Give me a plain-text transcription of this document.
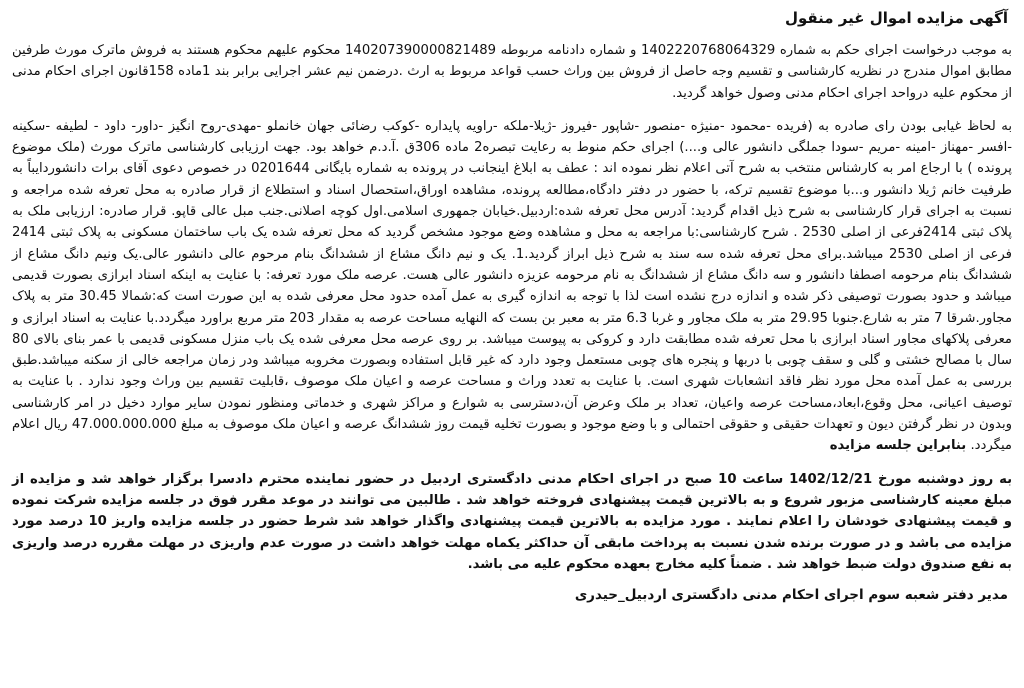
آگهی مزایده اموال غیر منقول

به موجب درخواست اجرای حکم به شماره 140222076806‌4329 و شماره دادنامه مربوطه 140207390000821489 محکوم علیهم محکوم هستند به فروش ماترک مورث طرفین مطابق اموال مندرج در نظریه کارشناسی و تقسیم وجه حاصل از فروش بین وراث حسب قواعد مربوط به ارث .درضمن نیم عشر اجرایی برابر بند 1ماده 158قانون اجرای احکام مدنی از محکوم علیه درواحد اجرای احکام مدنی وصول خواهد گردید.

به لحاظ غیابی بودن رای صادره به (فریده -محمود -منیژه -منصور -شاپور -فیروز -ژیلا-ملکه -راویه پایداره -کوکب رضائی جهان خانملو -مهدی-روح انگیز -داور- داود - لطیفه -سکینه -افسر -مهناز -امینه -مریم -سودا جملگی دانشور عالی و....) اجرای حکم منوط به رعایت تبصره2 ماده 306ق .آ.د.م خواهد بود. جهت ارزیابی کارشناسی ماترک مورث (ملک موضوع پرونده ) با ارجاع امر به کارشناس منتخب به شرح آتی اعلام نظر نموده اند : عطف به ابلاغ اینجانب در پرونده به شماره بایگانی 0201644 در خصوص دعوی آقای برات دانشوردایباً به طرفیت خانم ژیلا دانشور و...با موضوع تقسیم ترکه، با حضور در دفتر دادگاه،مطالعه پرونده، مشاهده اوراق،استحصال اسناد و استطلاع از قرار صادره به محل تعرفه شده مراجعه و نسبت به اجرای قرار کارشناسی به شرح ذیل اقدام گردید: آدرس محل تعرفه شده:اردبیل.خیابان جمهوری اسلامی.اول کوچه اصلانی.جنب مبل عالی قاپو. قرار صادره: ارزیابی ملک به پلاک ثبتی 2414فرعی از اصلی 2530 . شرح کارشناسی:با مراجعه به محل و مشاهده وضع موجود مشخص گردید که محل تعرفه شده یک باب ساختمان مسکونی به پلاک ثبتی 2414 فرعی از اصلی 2530 میباشد.برای محل تعرفه شده سه سند به شرح ذیل ابراز گردید.1. یک و نیم دانگ مشاع از ششدانگ بنام مرحوم عالی دانشور عالی.یک ونیم دانگ مشاع از ششدانگ بنام مرحومه اصطفا دانشور و سه دانگ مشاع از ششدانگ به نام مرحومه عزیزه دانشور عالی هست. عرصه ملک مورد تعرفه: با عنایت به اینکه اسناد ابرازی بصورت قدیمی میباشد و حدود بصورت توصیفی ذکر شده و اندازه درج نشده است لذا با توجه به اندازه گیری به عمل آمده حدود محل معرفی شده به این صورت است که:شمالا 30.45 متر به پلاک مجاور.شرقا 7 متر به شارع.جنوبا 29.95 متر به ملک مجاور و غربا 6.3 متر به معبر بن بست که النهایه مساحت عرصه به مقدار 203 متر مربع براورد میگردد.با عنایت به اسناد ابرازی و معرفی پلاکهای مجاور اسناد ابرازی با محل تعرفه شده مطابقت دارد و کروکی به پیوست میباشد. بر روی عرصه محل معرفی شده یک باب منزل مسکونی قدیمی با عمر بنای بالای 80 سال با مصالح خشتی و گلی و سقف چوبی با دربها و پنجره های چوبی مستعمل وجود دارد که غیر قابل استفاده وبصورت مخروبه میباشد ودر زمان مراجعه خالی از سکنه میباشد.طبق بررسی به عمل آمده محل مورد نظر فاقد انشعابات شهری است. با عنایت به تعدد وراث و مساحت عرصه و اعیان ملک موصوف ،قابلیت تقسیم بین وراث وجود ندارد . با عنایت به توصیف اعیانی، محل وقوع،ابعاد،مساحت عرصه واعیان، تعداد بر ملک وعرض آن،دسترسی به شوارع و مراکز شهری و خدماتی ومنظور نمودن سایر موارد دخیل در امر کارشناسی وبدون در نظر گرفتن دیون و تعهدات حقیقی و حقوقی احتمالی و با وضع موجود و بصورت تخلیه قیمت روز ششدانگ عرصه و اعیان ملک موصوف به مبلغ 47.000.000.000 ریال اعلام میگردد. بنابراین جلسه مزایده

به روز دوشنبه مورخ 1402/12/21 ساعت 10 صبح در اجرای احکام مدنی دادگستری اردبیل در حضور نماینده محترم دادسرا برگزار خواهد شد و مزایده از مبلغ معینه کارشناسی مزبور شروع و به بالاترین قیمت پیشنهادی فروخته خواهد شد . طالبین می توانند در موعد مقرر فوق در جلسه مزایده شرکت نموده و قیمت پیشنهادی خودشان را اعلام نمایند . مورد مزایده به بالاترین قیمت پیشنهادی واگذار خواهد شد شرط حضور در جلسه مزایده واریز 10 درصد مورد مزایده می باشد و در صورت برنده شدن نسبت به پرداخت مابقی آن حداکثر یکماه مهلت خواهد داشت در صورت عدم واریزی در مهلت مقرره درصد واریزی به نفع صندوق دولت ضبط خواهد شد . ضمناً کلیه مخارج بعهده محکوم علیه می باشد.

مدیر دفتر شعبه سوم اجرای احکام مدنی دادگستری اردبیل_حیدری
